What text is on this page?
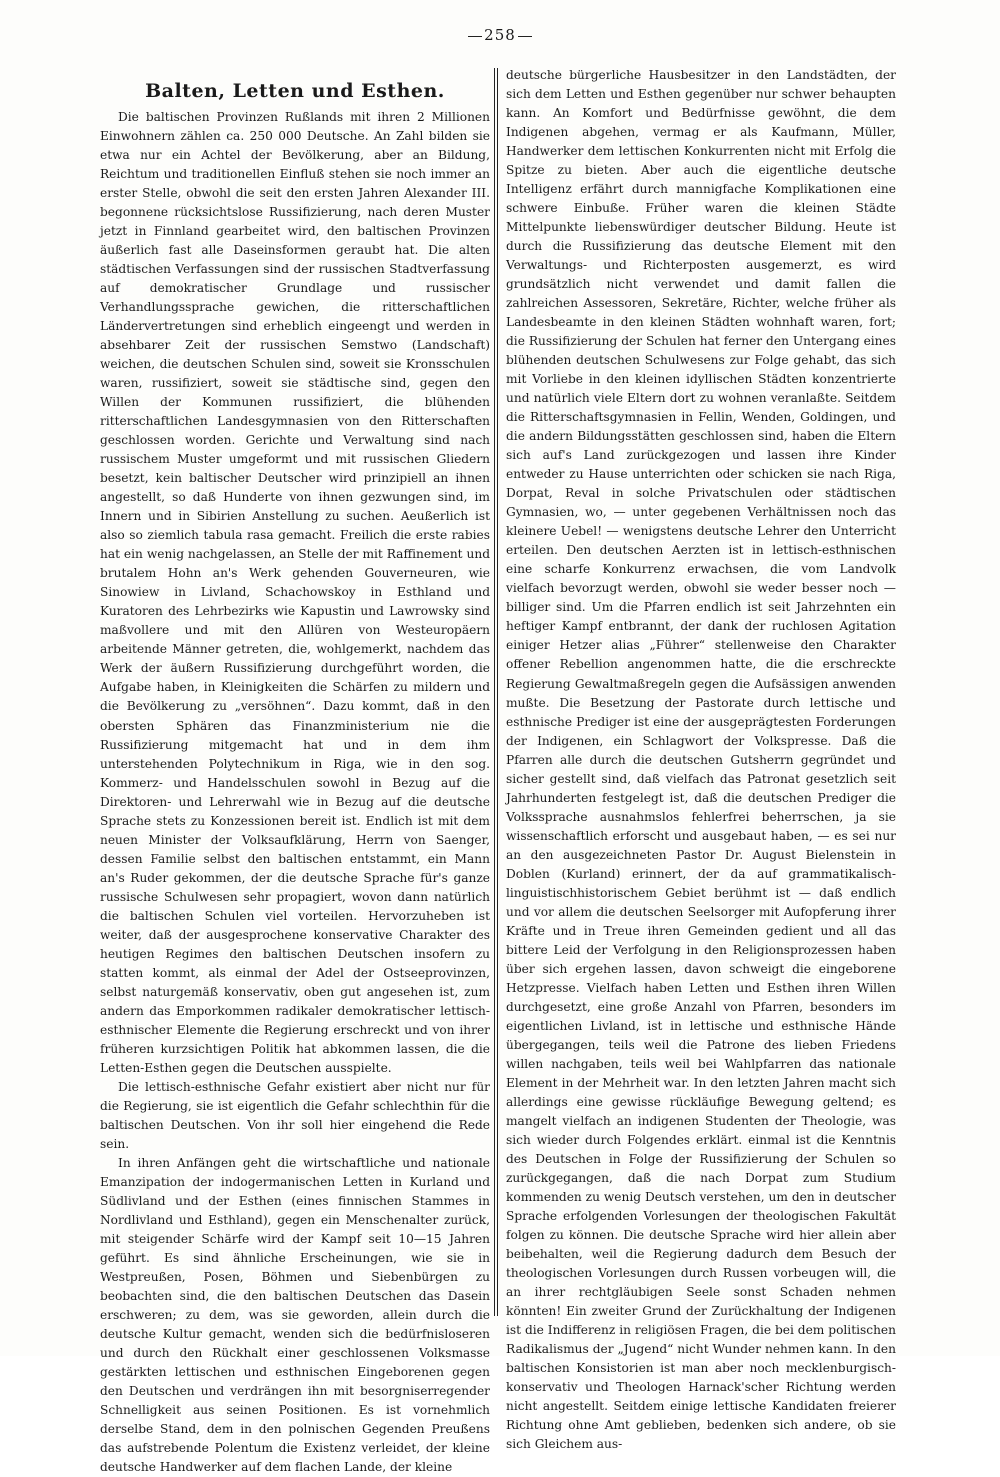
258
Balten, Letten und Esthen.

Die baltischen Provinzen Rußlands mit ihren 2 Millionen Einwohnern zählen ca. 250 000 Deutsche. An Zahl bilden sie etwa nur ein Achtel der Bevölkerung, aber an Bildung, Reichtum und traditionellen Einfluß stehen sie noch immer an erster Stelle, obwohl die seit den ersten Jahren Alexander III. begonnene rücksichtslose Russifizierung, nach deren Muster jetzt in Finnland gearbeitet wird, den baltischen Provinzen äußerlich fast alle Daseinsformen geraubt hat. Die alten städtischen Verfassungen sind der russischen Stadtverfassung auf demokratischer Grundlage und russischer Verhandlungssprache gewichen, die ritterschaftlichen Ländervertretungen sind erheblich eingeengt und werden in absehbarer Zeit der russischen Semstwo (Landschaft) weichen, die deutschen Schulen sind, soweit sie Kronsschulen waren, russifiziert, soweit sie städtische sind, gegen den Willen der Kommunen russifiziert, die blühenden ritterschaftlichen Landesgymnasien von den Ritterschaften geschlossen worden. Gerichte und Verwaltung sind nach russischem Muster umgeformt und mit russischen Gliedern besetzt, kein baltischer Deutscher wird prinzipiell an ihnen angestellt, so daß Hunderte von ihnen gezwungen sind, im Innern und in Sibirien Anstellung zu suchen. Aeußerlich ist also so ziemlich tabula rasa gemacht. Freilich die erste rabies hat ein wenig nachgelassen, an Stelle der mit Raffinement und brutalem Hohn an's Werk gehenden Gouverneuren, wie Sinowiew in Livland, Schachowskoy in Esthland und Kuratoren des Lehrbezirks wie Kapustin und Lawrowsky sind maßvollere und mit den Allüren von Westeuropäern arbeitende Männer getreten, die, wohlgemerkt, nachdem das Werk der äußern Russifizierung durchgeführt worden, die Aufgabe haben, in Kleinigkeiten die Schärfen zu mildern und die Bevölkerung zu „versöhnen“. Dazu kommt, daß in den obersten Sphären das Finanzministerium nie die Russifizierung mitgemacht hat und in dem ihm unterstehenden Polytechnikum in Riga, wie in den sog. Kommerz- und Handelsschulen sowohl in Bezug auf die Direktoren- und Lehrerwahl wie in Bezug auf die deutsche Sprache stets zu Konzessionen bereit ist. Endlich ist mit dem neuen Minister der Volksaufklärung, Herrn von Saenger, dessen Familie selbst den baltischen entstammt, ein Mann an's Ruder gekommen, der die deutsche Sprache für's ganze russische Schulwesen sehr propagiert, wovon dann natürlich die baltischen Schulen viel vorteilen. Hervorzuheben ist weiter, daß der ausgesprochene konservative Charakter des heutigen Regimes den baltischen Deutschen insofern zu statten kommt, als einmal der Adel der Ostseeprovinzen, selbst naturgemäß konservativ, oben gut angesehen ist, zum andern das Emporkommen radikaler demokratischer lettisch-esthnischer Elemente die Regierung erschreckt und von ihrer früheren kurzsichtigen Politik hat abkommen lassen, die die Letten-Esthen gegen die Deutschen ausspielte.

Die lettisch-esthnische Gefahr existiert aber nicht nur für die Regierung, sie ist eigentlich die Gefahr schlechthin für die baltischen Deutschen. Von ihr soll hier eingehend die Rede sein.

In ihren Anfängen geht die wirtschaftliche und nationale Emanzipation der indogermanischen Letten in Kurland und Südlivland und der Esthen (eines finnischen Stammes in Nordlivland und Esthland), gegen ein Menschenalter zurück, mit steigender Schärfe wird der Kampf seit 10—15 Jahren geführt. Es sind ähnliche Erscheinungen, wie sie in Westpreußen, Posen, Böhmen und Siebenbürgen zu beobachten sind, die den baltischen Deutschen das Dasein erschweren; zu dem, was sie geworden, allein durch die deutsche Kultur gemacht, wenden sich die bedürfnisloseren und durch den Rückhalt einer geschlossenen Volksmasse gestärkten lettischen und esthnischen Eingeborenen gegen den Deutschen und verdrängen ihn mit besorgniserregender Schnelligkeit aus seinen Positionen. Es ist vornehmlich derselbe Stand, dem in den polnischen Gegenden Preußens das aufstrebende Polentum die Existenz verleidet, der kleine deutsche Handwerker auf dem flachen Lande, der kleine

deutsche bürgerliche Hausbesitzer in den Landstädten, der sich dem Letten und Esthen gegenüber nur schwer behaupten kann. An Komfort und Bedürfnisse gewöhnt, die dem Indigenen abgehen, vermag er als Kaufmann, Müller, Handwerker dem lettischen Konkurrenten nicht mit Erfolg die Spitze zu bieten. Aber auch die eigentliche deutsche Intelligenz erfährt durch mannigfache Komplikationen eine schwere Einbuße. Früher waren die kleinen Städte Mittelpunkte liebenswürdiger deutscher Bildung. Heute ist durch die Russifizierung das deutsche Element mit den Verwaltungs- und Richterposten ausgemerzt, es wird grundsätzlich nicht verwendet und damit fallen die zahlreichen Assessoren, Sekretäre, Richter, welche früher als Landesbeamte in den kleinen Städten wohnhaft waren, fort; die Russifizierung der Schulen hat ferner den Untergang eines blühenden deutschen Schulwesens zur Folge gehabt, das sich mit Vorliebe in den kleinen idyllischen Städten konzentrierte und natürlich viele Eltern dort zu wohnen veranlaßte. Seitdem die Ritterschaftsgymnasien in Fellin, Wenden, Goldingen, und die andern Bildungsstätten geschlossen sind, haben die Eltern sich auf's Land zurückgezogen und lassen ihre Kinder entweder zu Hause unterrichten oder schicken sie nach Riga, Dorpat, Reval in solche Privatschulen oder städtischen Gymnasien, wo, — unter gegebenen Verhältnissen noch das kleinere Uebel! — wenigstens deutsche Lehrer den Unterricht erteilen. Den deutschen Aerzten ist in lettisch-esthnischen eine scharfe Konkurrenz erwachsen, die vom Landvolk vielfach bevorzugt werden, obwohl sie weder besser noch — billiger sind. Um die Pfarren endlich ist seit Jahrzehnten ein heftiger Kampf entbrannt, der dank der ruchlosen Agitation einiger Hetzer alias „Führer“ stellenweise den Charakter offener Rebellion angenommen hatte, die die erschreckte Regierung Gewaltmaßregeln gegen die Aufsässigen anwenden mußte. Die Besetzung der Pastorate durch lettische und esthnische Prediger ist eine der ausgeprägtesten Forderungen der Indigenen, ein Schlagwort der Volkspresse. Daß die Pfarren alle durch die deutschen Gutsherrn gegründet und sicher gestellt sind, daß vielfach das Patronat gesetzlich seit Jahrhunderten festgelegt ist, daß die deutschen Prediger die Volkssprache ausnahmslos fehlerfrei beherrschen, ja sie wissenschaftlich erforscht und ausgebaut haben, — es sei nur an den ausgezeichneten Pastor Dr. August Bielenstein in Doblen (Kurland) erinnert, der da auf grammatikalisch-linguistischhistorischem Gebiet berühmt ist — daß endlich und vor allem die deutschen Seelsorger mit Aufopferung ihrer Kräfte und in Treue ihren Gemeinden gedient und all das bittere Leid der Verfolgung in den Religionsprozessen haben über sich ergehen lassen, davon schweigt die eingeborene Hetzpresse. Vielfach haben Letten und Esthen ihren Willen durchgesetzt, eine große Anzahl von Pfarren, besonders im eigentlichen Livland, ist in lettische und esthnische Hände übergegangen, teils weil die Patrone des lieben Friedens willen nachgaben, teils weil bei Wahlpfarren das nationale Element in der Mehrheit war. In den letzten Jahren macht sich allerdings eine gewisse rückläufige Bewegung geltend; es mangelt vielfach an indigenen Studenten der Theologie, was sich wieder durch Folgendes erklärt. einmal ist die Kenntnis des Deutschen in Folge der Russifizierung der Schulen so zurückgegangen, daß die nach Dorpat zum Studium kommenden zu wenig Deutsch verstehen, um den in deutscher Sprache erfolgenden Vorlesungen der theologischen Fakultät folgen zu können. Die deutsche Sprache wird hier allein aber beibehalten, weil die Regierung dadurch dem Besuch der theologischen Vorlesungen durch Russen vorbeugen will, die an ihrer rechtgläubigen Seele sonst Schaden nehmen könnten! Ein zweiter Grund der Zurückhaltung der Indigenen ist die Indifferenz in religiösen Fragen, die bei dem politischen Radikalismus der „Jugend“ nicht Wunder nehmen kann. In den baltischen Konsistorien ist man aber noch mecklenburgisch-konservativ und Theologen Harnack'scher Richtung werden nicht angestellt. Seitdem einige lettische Kandidaten freierer Richtung ohne Amt geblieben, bedenken sich andere, ob sie sich Gleichem aus-
